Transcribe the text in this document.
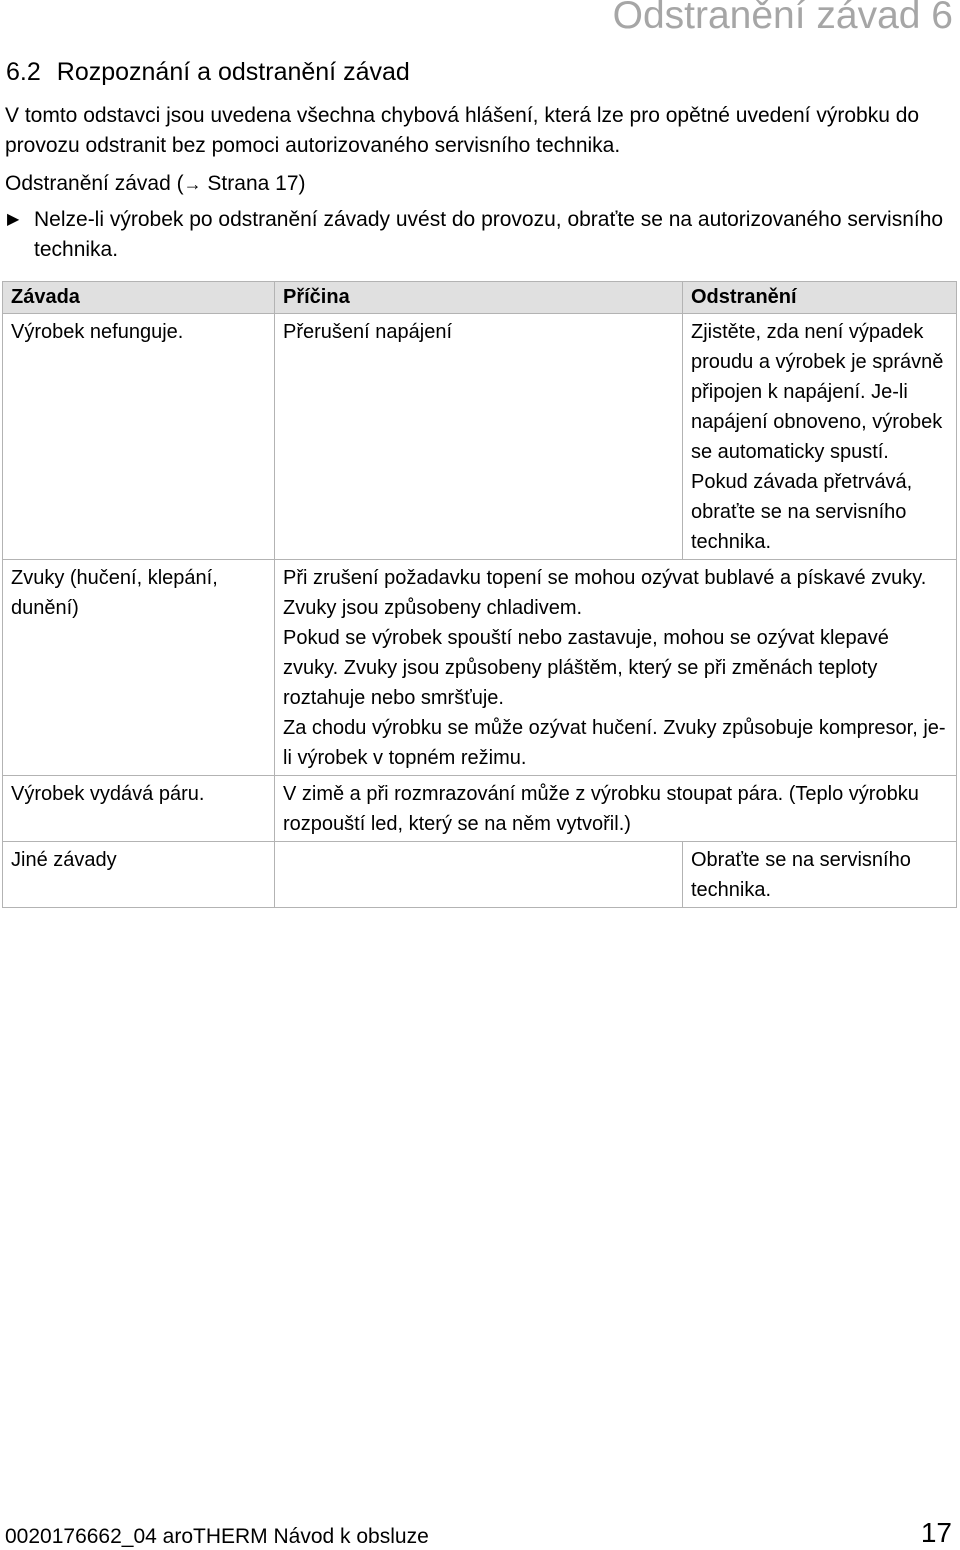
Odstranění závad 6
6.2 Rozpoznání a odstranění závad
V tomto odstavci jsou uvedena všechna chybová hlášení, která lze pro opětné uvedení výrobku do provozu odstranit bez pomoci autorizovaného servisního technika.
Odstranění závad (→ Strana 17)
▶ Nelze-li výrobek po odstranění závady uvést do provozu, obraťte se na autorizovaného servisního technika.
Závada	Příčina	Odstranění
Výrobek nefunguje.	Přerušení napájení	Zjistěte, zda není výpadek proudu a výrobek je správně připojen k napájení. Je-li napájení obnoveno, výrobek se automaticky spustí. Pokud závada přetrvává, obraťte se na servisního technika.
Zvuky (hučení, klepání, dunění)	Při zrušení požadavku topení se mohou ozývat bublavé a pískavé zvuky. Zvuky jsou způsobeny chladivem.
Pokud se výrobek spouští nebo zastavuje, mohou se ozývat klepavé zvuky. Zvuky jsou způsobeny pláštěm, který se při změnách teploty roztahuje nebo smršťuje.
Za chodu výrobku se může ozývat hučení. Zvuky způsobuje kompresor, je-li výrobek v topném režimu.	

Výrobek vydává páru.	V zimě a při rozmrazování může z výrobku stoupat pára. (Teplo výrobku rozpouští led, který se na něm vytvořil.)	

Jiné závady		Obraťte se na servisního technika.
0020176662_04 aroTHERM Návod k obsluze	17
